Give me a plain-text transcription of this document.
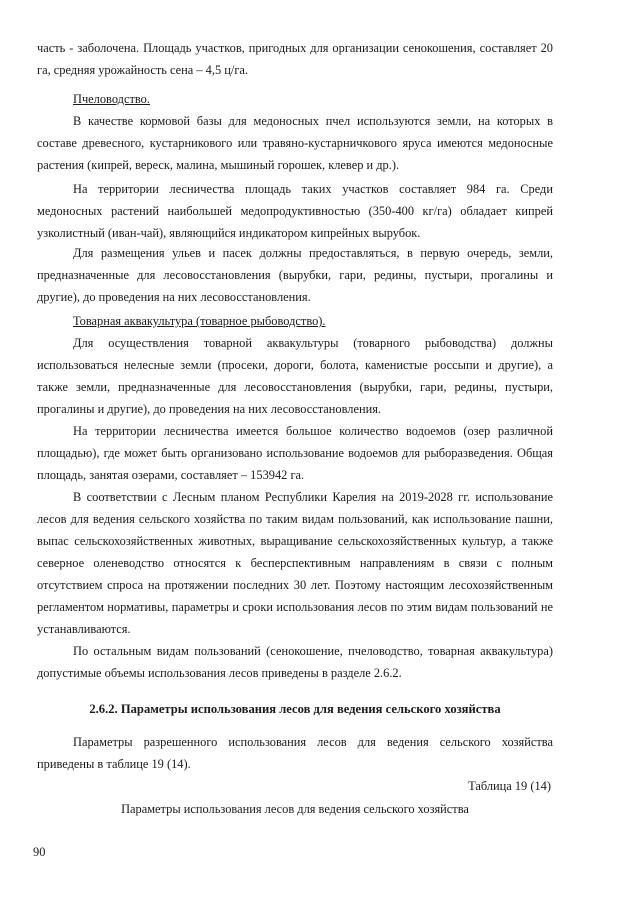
часть - заболочена. Площадь участков, пригодных для организации сенокошения, составляет 20 га, средняя урожайность сена – 4,5 ц/га.

Пчеловодство.

В качестве кормовой базы для медоносных пчел используются земли, на которых в составе древесного, кустарникового или травяно-кустарничкового яруса имеются медоносные растения (кипрей, вереск, малина, мышиный горошек, клевер и др.).

На территории лесничества площадь таких участков составляет 984 га. Среди медоносных растений наибольшей медопродуктивностью (350-400 кг/га) обладает кипрей узколистный (иван-чай), являющийся индикатором кипрейных вырубок.

Для размещения ульев и пасек должны предоставляться, в первую очередь, земли, предназначенные для лесовосстановления (вырубки, гари, редины, пустыри, прогалины и другие), до проведения на них лесовосстановления.

Товарная аквакультура (товарное рыбоводство).

Для осуществления товарной аквакультуры (товарного рыбоводства) должны использоваться нелесные земли (просеки, дороги, болота, каменистые россыпи и другие), а также земли, предназначенные для лесовосстановления (вырубки, гари, редины, пустыри, прогалины и другие), до проведения на них лесовосстановления.

На территории лесничества имеется большое количество водоемов (озер различной площадью), где может быть организовано использование водоемов для рыборазведения. Общая площадь, занятая озерами, составляет – 153942 га.

В соответствии с Лесным планом Республики Карелия на 2019-2028 гг. использование лесов для ведения сельского хозяйства по таким видам пользований, как использование пашни, выпас сельскохозяйственных животных, выращивание сельскохозяйственных культур, а также северное оленеводство относятся к бесперспективным направлениям в связи с полным отсутствием спроса на протяжении последних 30 лет. Поэтому настоящим лесохозяйственным регламентом нормативы, параметры и сроки использования лесов по этим видам пользований не устанавливаются.

По остальным видам пользований (сенокошение, пчеловодство, товарная аквакультура) допустимые объемы использования лесов приведены в разделе 2.6.2.

2.6.2. Параметры использования лесов для ведения сельского хозяйства

Параметры разрешенного использования лесов для ведения сельского хозяйства приведены в таблице 19 (14).

Таблица 19 (14)

Параметры использования лесов для ведения сельского хозяйства

90
